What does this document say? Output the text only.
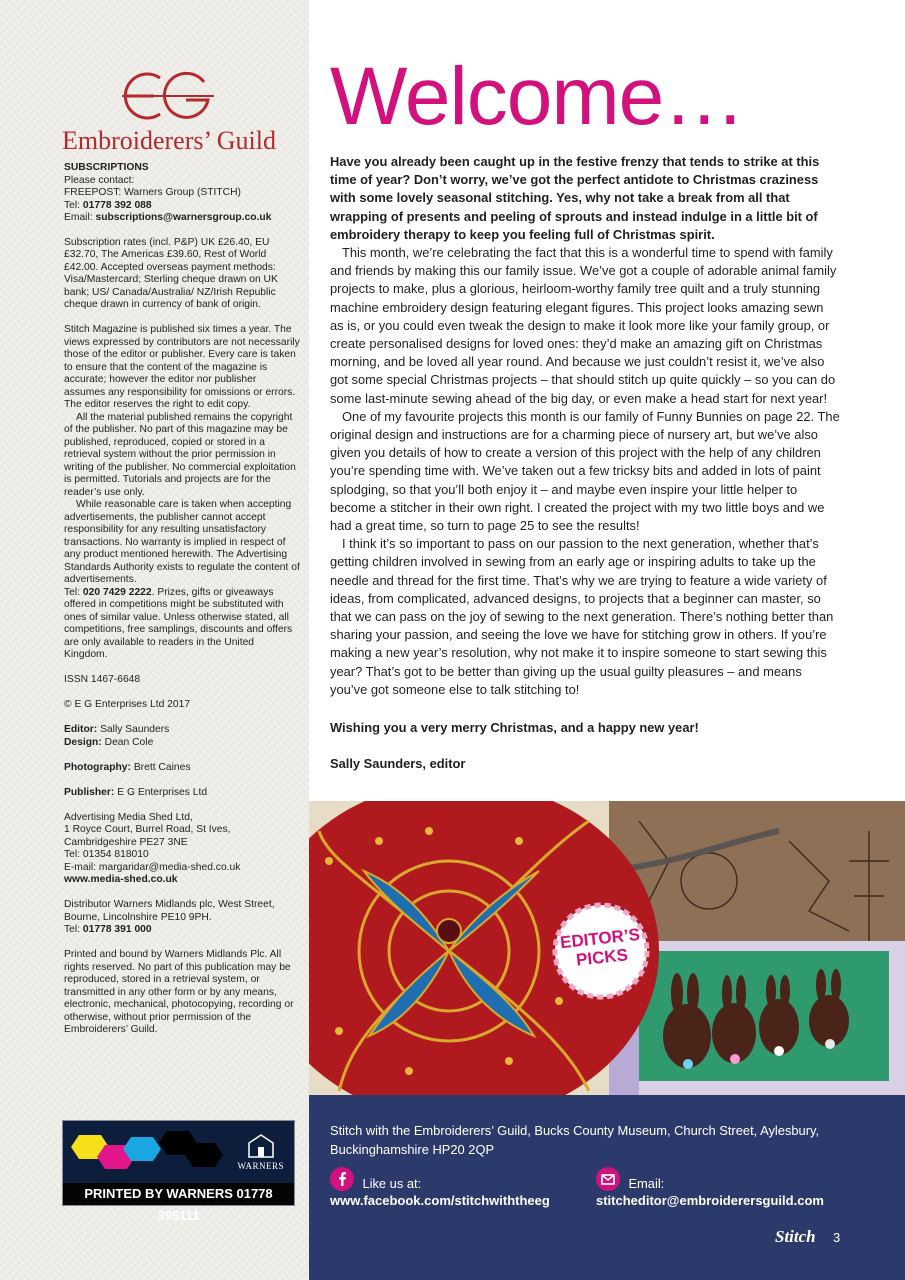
Embroiderers’ Guild

SUBSCRIPTIONS
Please contact:
FREEPOST: Warners Group (STITCH)
Tel: 01778 392 088
Email: subscriptions@warnersgroup.co.uk

Subscription rates (incl. P&P) UK £26.40, EU £32.70, The Americas £39.60, Rest of World £42.00. Accepted overseas payment methods: Visa/Mastercard; Sterling cheque drawn on UK bank; US/ Canada/Australia/ NZ/Irish Republic cheque drawn in currency of bank of origin.

Stitch Magazine is published six times a year. The views expressed by contributors are not necessarily those of the editor or publisher. Every care is taken to ensure that the content of the magazine is accurate; however the editor nor publisher assumes any responsibility for omissions or errors. The editor reserves the right to edit copy.

All the material published remains the copyright of the publisher. No part of this magazine may be published, reproduced, copied or stored in a retrieval system without the prior permission in writing of the publisher. No commercial exploitation is permitted. Tutorials and projects are for the reader’s use only.

While reasonable care is taken when accepting advertisements, the publisher cannot accept responsibility for any resulting unsatisfactory transactions. No warranty is implied in respect of any product mentioned herewith. The Advertising Standards Authority exists to regulate the content of advertisements.

Tel: 020 7429 2222. Prizes, gifts or giveaways offered in competitions might be substituted with ones of similar value. Unless otherwise stated, all competitions, free samplings, discounts and offers are only available to readers in the United Kingdom.

ISSN 1467-6648

© E G Enterprises Ltd 2017

Editor: Sally Saunders
Design: Dean Cole

Photography: Brett Caines

Publisher: E G Enterprises Ltd

Advertising Media Shed Ltd,
1 Royce Court, Burrel Road, St Ives,
Cambridgeshire PE27 3NE
Tel: 01354 818010
E-mail: margaridar@media-shed.co.uk
www.media-shed.co.uk

Distributor Warners Midlands plc, West Street, Bourne, Lincolnshire PE10 9PH.
Tel: 01778 391 000

Printed and bound by Warners Midlands Plc. All rights reserved. No part of this publication may be reproduced, stored in a retrieval system, or transmitted in any other form or by any means, electronic, mechanical, photocopying, recording or otherwise, without prior permission of the Embroiderers’ Guild.

WARNERS
PRINTED BY WARNERS 01778 395111
Welcome…

Have you already been caught up in the festive frenzy that tends to strike at this time of year? Don’t worry, we’ve got the perfect antidote to Christmas craziness with some lovely seasonal stitching. Yes, why not take a break from all that wrapping of presents and peeling of sprouts and instead indulge in a little bit of embroidery therapy to keep you feeling full of Christmas spirit.

This month, we’re celebrating the fact that this is a wonderful time to spend with family and friends by making this our family issue. We’ve got a couple of adorable animal family projects to make, plus a glorious, heirloom-worthy family tree quilt and a truly stunning machine embroidery design featuring elegant figures. This project looks amazing sewn as is, or you could even tweak the design to make it look more like your family group, or create personalised designs for loved ones: they’d make an amazing gift on Christmas morning, and be loved all year round. And because we just couldn’t resist it, we’ve also got some special Christmas projects – that should stitch up quite quickly – so you can do some last-minute sewing ahead of the big day, or even make a head start for next year!

One of my favourite projects this month is our family of Funny Bunnies on page 22. The original design and instructions are for a charming piece of nursery art, but we’ve also given you details of how to create a version of this project with the help of any children you’re spending time with. We’ve taken out a few tricksy bits and added in lots of paint splodging, so that you’ll both enjoy it – and maybe even inspire your little helper to become a stitcher in their own right. I created the project with my two little boys and we had a great time, so turn to page 25 to see the results!

I think it’s so important to pass on our passion to the next generation, whether that’s getting children involved in sewing from an early age or inspiring adults to take up the needle and thread for the first time. That’s why we are trying to feature a wide variety of ideas, from complicated, advanced designs, to projects that a beginner can master, so that we can pass on the joy of sewing to the next generation. There’s nothing better than sharing your passion, and seeing the love we have for stitching grow in others. If you’re making a new year’s resolution, why not make it to inspire someone to start sewing this year? That’s got to be better than giving up the usual guilty pleasures – and means you’ve got someone else to talk stitching to!

Wishing you a very merry Christmas, and a happy new year!

Sally Saunders, editor

EDITOR’S
PICKS
Stitch with the Embroiderers’ Guild, Bucks County Museum, Church Street, Aylesbury, Buckinghamshire HP20 2QP
$_{Like us at:}$
www.facebook.com/stitchwiththeeg
$_{Email:}$
stitcheditor@embroiderersguild.com
Stitch 3
